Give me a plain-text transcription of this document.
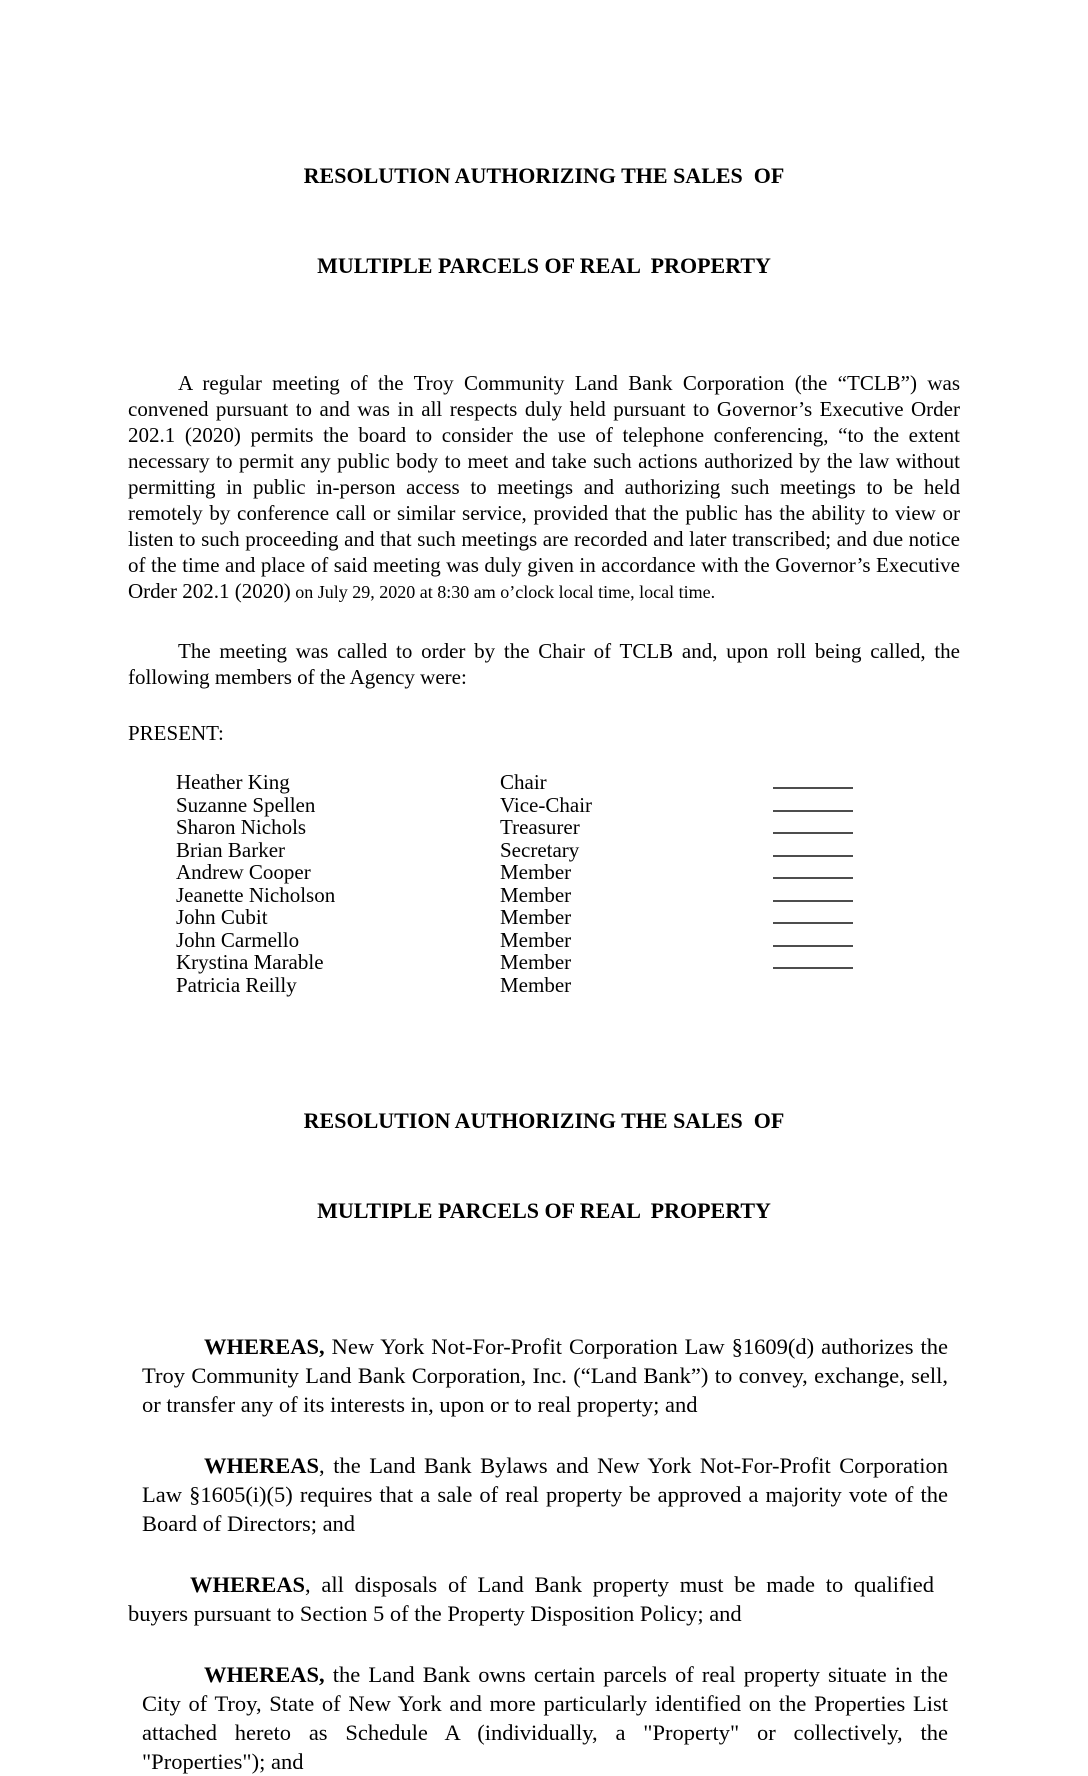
RESOLUTION AUTHORIZING THE SALES  OF

MULTIPLE PARCELS OF REAL  PROPERTY

A regular meeting of the Troy Community Land Bank Corporation (the “TCLB”) was convened pursuant to and was in all respects duly held pursuant to Governor’s Executive Order 202.1 (2020) permits the board to consider the use of telephone conferencing, “to the extent necessary to permit any public body to meet and take such actions authorized by the law without permitting in public in-person access to meetings and authorizing such meetings to be held remotely by conference call or similar service, provided that the public has the ability to view or listen to such proceeding and that such meetings are recorded and later transcribed; and due notice of the time and place of said meeting was duly given in accordance with the Governor’s Executive Order 202.1 (2020) on July 29, 2020 at 8:30 am o’clock local time, local time.

The meeting was called to order by the Chair of TCLB and, upon roll being called, the following members of the Agency were:

PRESENT:
Heather King	Chair
Suzanne Spellen	Vice-Chair
Sharon Nichols	Treasurer
Brian Barker	Secretary
Andrew Cooper	Member
Jeanette Nicholson	Member
John Cubit	Member
John Carmello	Member
Krystina Marable	Member
Patricia Reilly	Member

RESOLUTION AUTHORIZING THE SALES  OF

MULTIPLE PARCELS OF REAL  PROPERTY

WHEREAS, New York Not-For-Profit Corporation Law §1609(d) authorizes the Troy Community Land Bank Corporation, Inc. (“Land Bank”) to convey, exchange, sell, or transfer any of its interests in, upon or to real property; and

WHEREAS, the Land Bank Bylaws and New York Not-For-Profit Corporation Law §1605(i)(5) requires that a sale of real property be approved a majority vote of the Board of Directors; and

WHEREAS, all disposals of Land Bank property must be made to qualified buyers pursuant to Section 5 of the Property Disposition Policy; and

WHEREAS, the Land Bank owns certain parcels of real property situate in the City of Troy, State of New York and more particularly identified on the Properties List attached hereto as Schedule A (individually, a "Property" or collectively, the "Properties"); and
